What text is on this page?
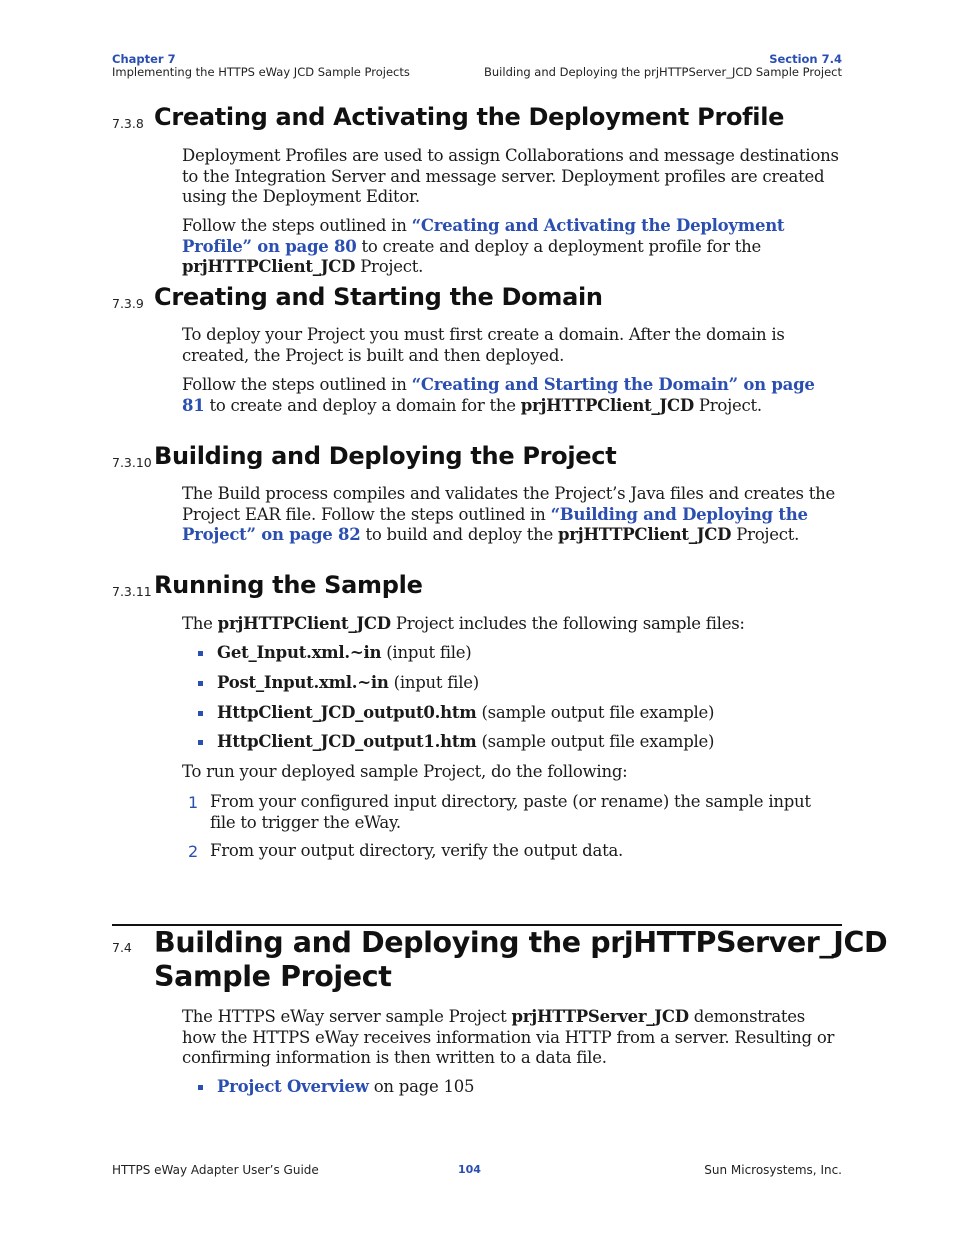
Chapter 7
Implementing the HTTPS eWay JCD Sample Projects
Section 7.4
Building and Deploying the prjHTTPServer_JCD Sample Project
7.3.8 Creating and Activating the Deployment Profile
Deployment Profiles are used to assign Collaborations and message destinations to the Integration Server and message server. Deployment profiles are created using the Deployment Editor.
Follow the steps outlined in “Creating and Activating the Deployment Profile” on page 80 to create and deploy a deployment profile for the prjHTTPClient_JCD Project.
7.3.9 Creating and Starting the Domain
To deploy your Project you must first create a domain. After the domain is created, the Project is built and then deployed.
Follow the steps outlined in “Creating and Starting the Domain” on page 81 to create and deploy a domain for the prjHTTPClient_JCD Project.
7.3.10 Building and Deploying the Project
The Build process compiles and validates the Project’s Java files and creates the Project EAR file. Follow the steps outlined in “Building and Deploying the Project” on page 82 to build and deploy the prjHTTPClient_JCD Project.
7.3.11 Running the Sample
The prjHTTPClient_JCD Project includes the following sample files:
Get_Input.xml.~in (input file)
Post_Input.xml.~in (input file)
HttpClient_JCD_output0.htm (sample output file example)
HttpClient_JCD_output1.htm (sample output file example)
To run your deployed sample Project, do the following:
1 From your configured input directory, paste (or rename) the sample input file to trigger the eWay.
2 From your output directory, verify the output data.
7.4 Building and Deploying the prjHTTPServer_JCD
Sample Project
The HTTPS eWay server sample Project prjHTTPServer_JCD demonstrates how the HTTPS eWay receives information via HTTP from a server. Resulting or confirming information is then written to a data file.
Project Overview on page 105
HTTPS eWay Adapter User’s Guide	104	Sun Microsystems, Inc.
